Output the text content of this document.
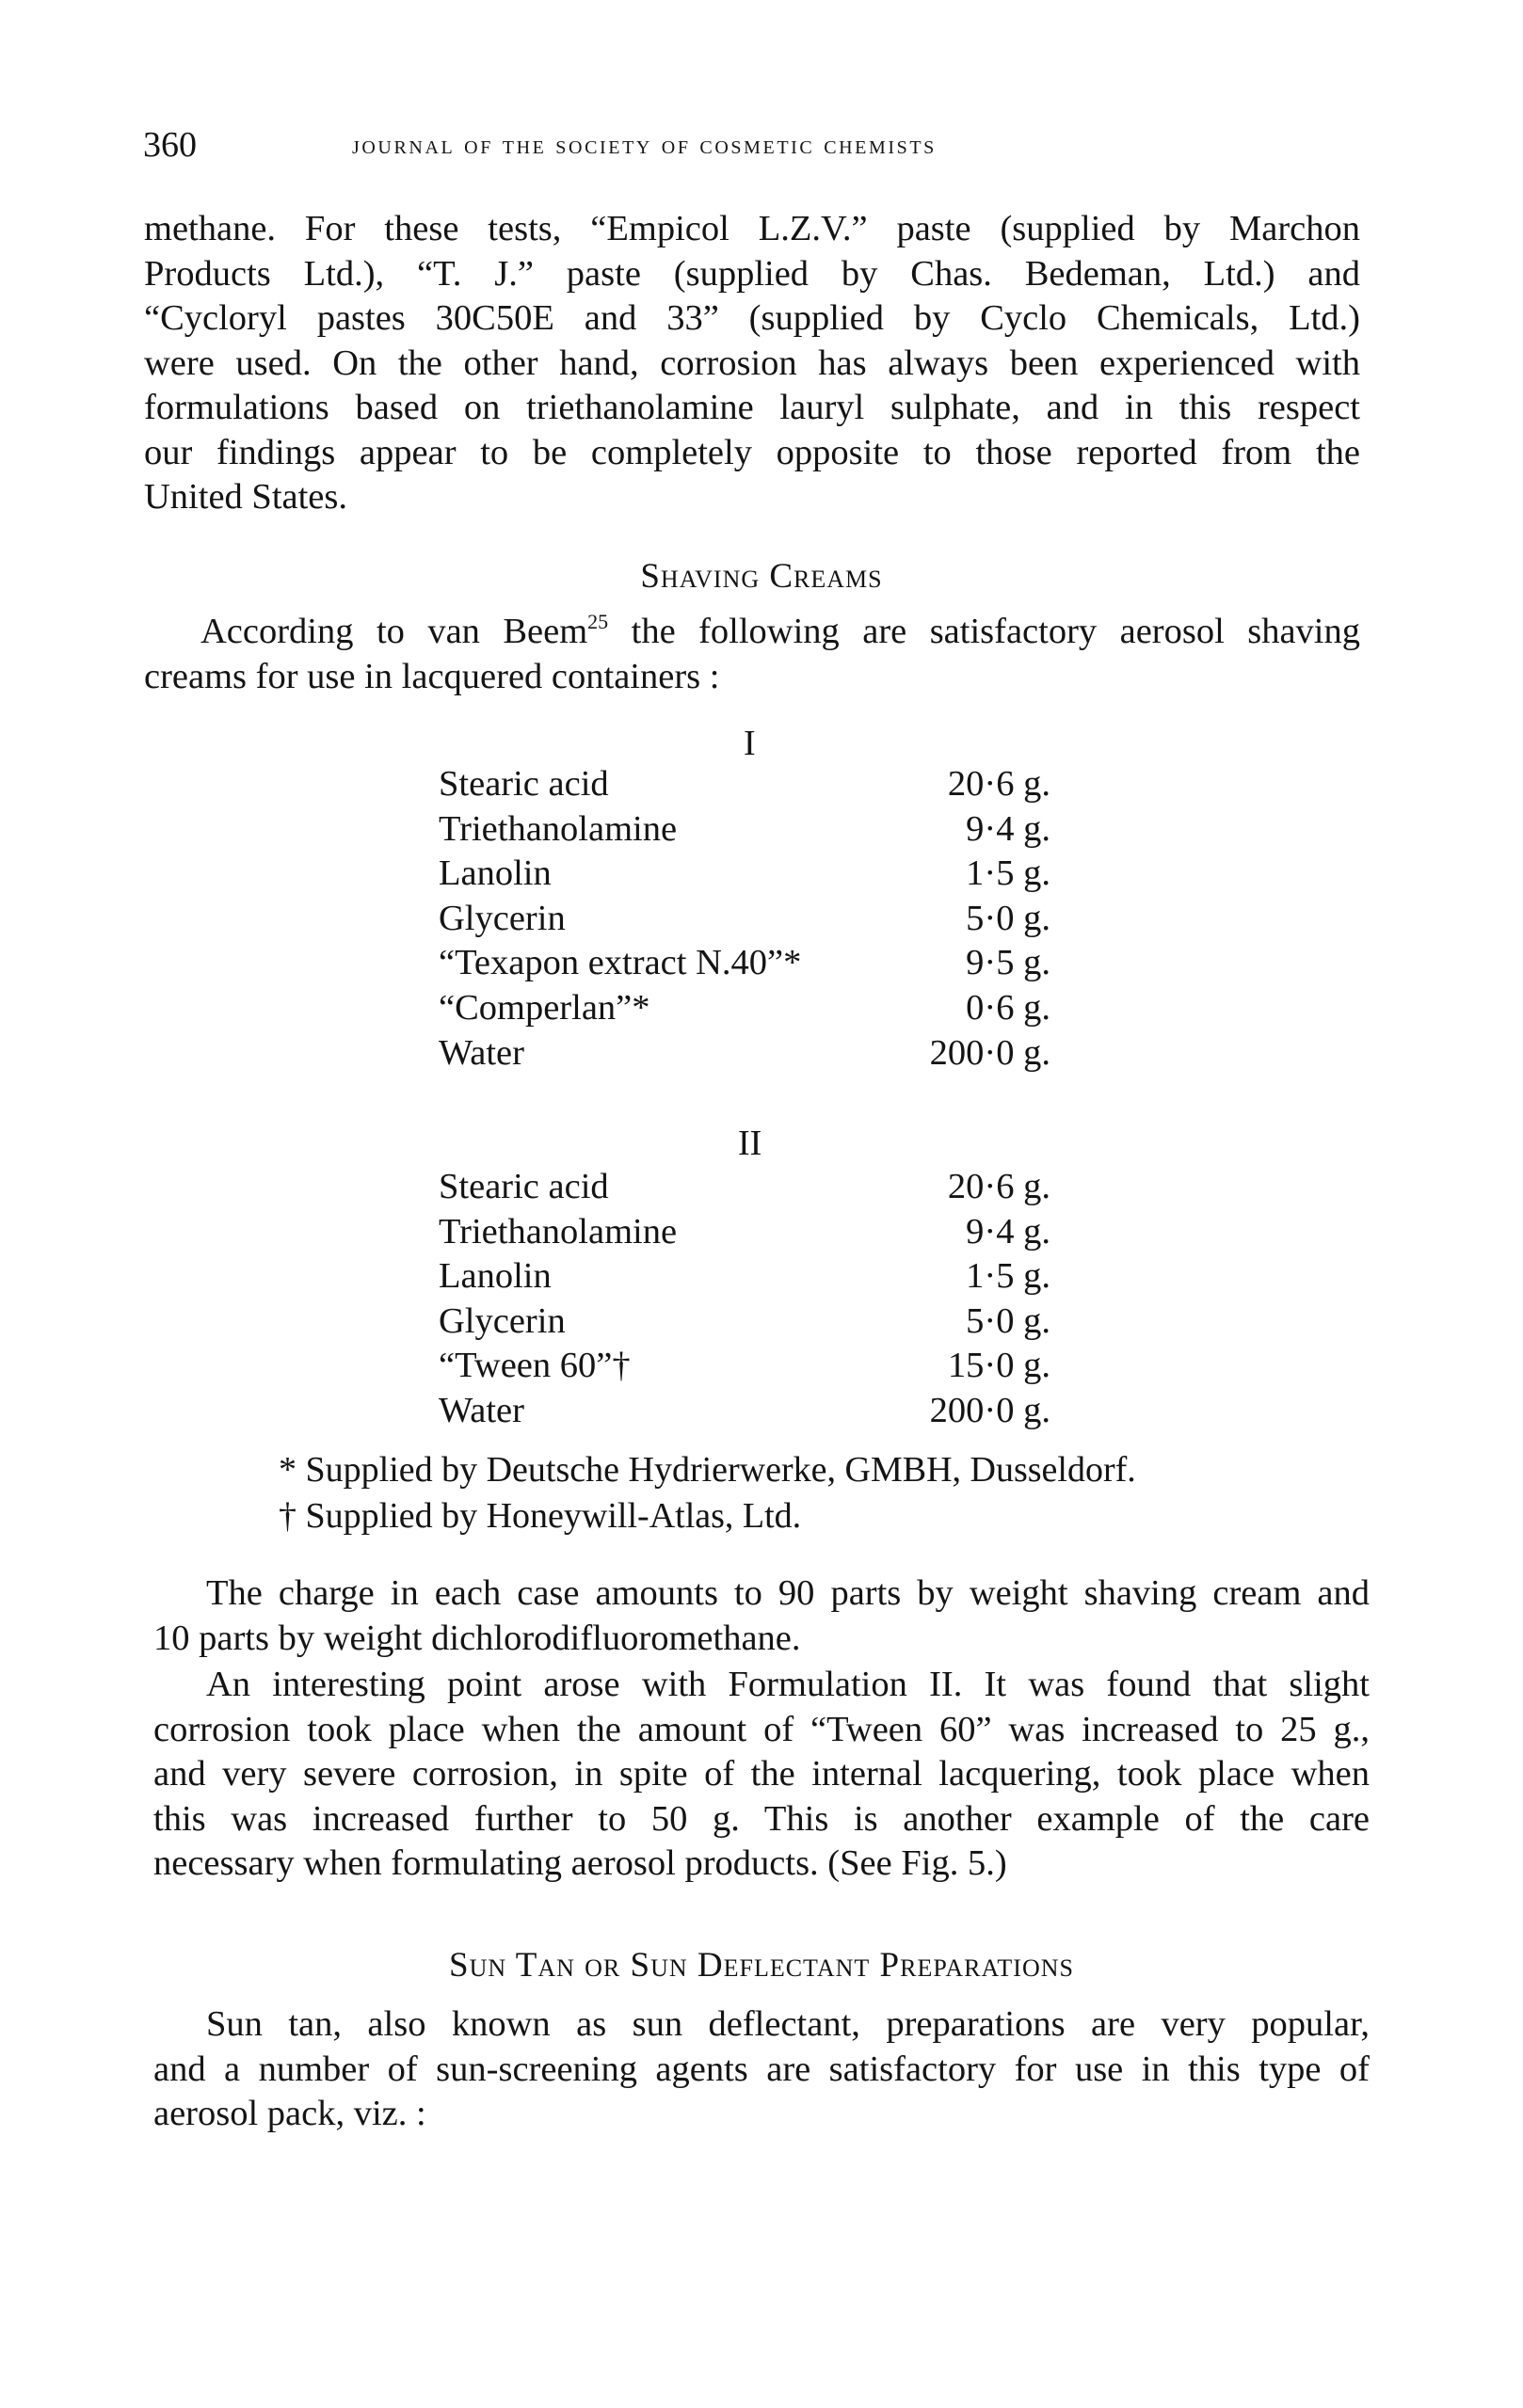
360	journal of the society of cosmetic chemists
methane. For these tests, “Empicol L.Z.V.” paste (supplied by Marchon
Products Ltd.), “T. J.” paste (supplied by Chas. Bedeman, Ltd.) and
“Cycloryl pastes 30C50E and 33” (supplied by Cyclo Chemicals, Ltd.)
were used. On the other hand, corrosion has always been experienced with
formulations based on triethanolamine lauryl sulphate, and in this respect
our findings appear to be completely opposite to those reported from the
United States.
Shaving Creams
According to van Beem$^{25}$ the following are satisfactory aerosol shaving
creams for use in lacquered containers :
I
Stearic acid	20·6 g.
Triethanolamine	9·4 g.
Lanolin	1·5 g.
Glycerin	5·0 g.
“Texapon extract N.40”*	9·5 g.
“Comperlan”*	0·6 g.
Water	200·0 g.
II
Stearic acid	20·6 g.
Triethanolamine	9·4 g.
Lanolin	1·5 g.
Glycerin	5·0 g.
“Tween 60”†	15·0 g.
Water	200·0 g.
* Supplied by Deutsche Hydrierwerke, GMBH, Dusseldorf.
† Supplied by Honeywill-Atlas, Ltd.
The charge in each case amounts to 90 parts by weight shaving cream and
10 parts by weight dichlorodifluoromethane.
An interesting point arose with Formulation II. It was found that slight
corrosion took place when the amount of “Tween 60” was increased to 25 g.,
and very severe corrosion, in spite of the internal lacquering, took place when
this was increased further to 50 g. This is another example of the care
necessary when formulating aerosol products. (See Fig. 5.)
Sun Tan or Sun Deflectant Preparations
Sun tan, also known as sun deflectant, preparations are very popular,
and a number of sun-screening agents are satisfactory for use in this type of
aerosol pack, viz. :
